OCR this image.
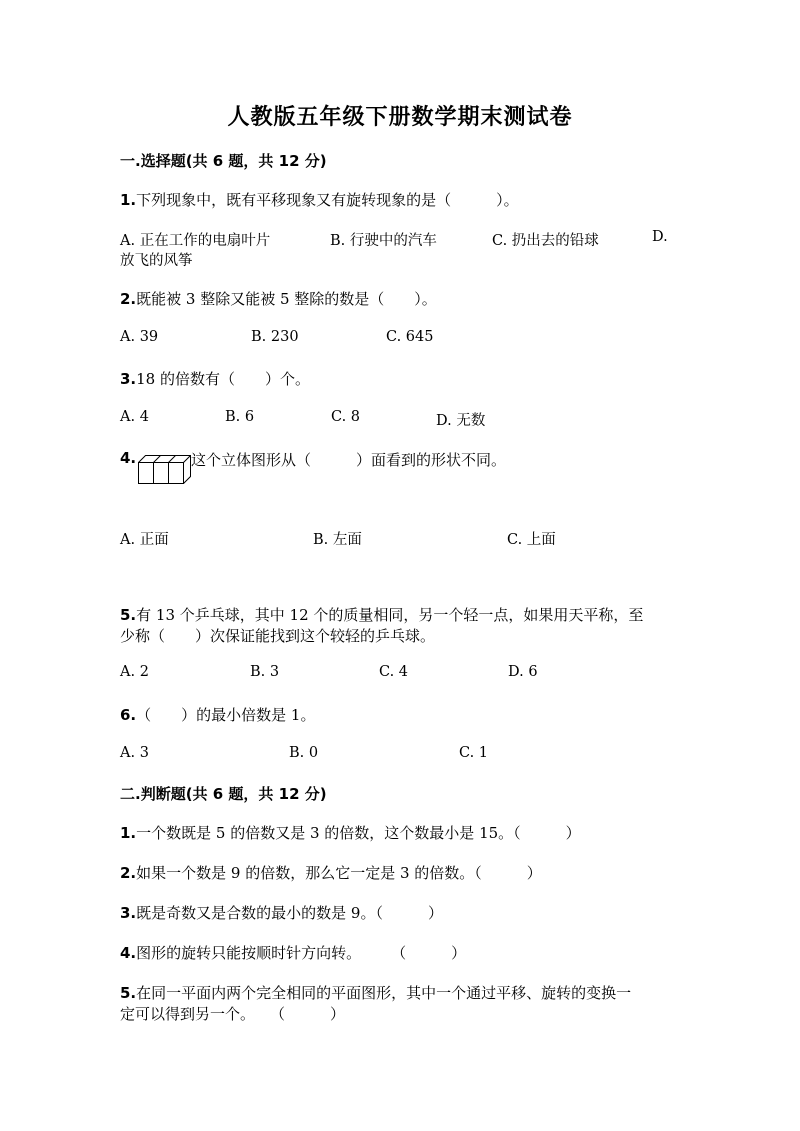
人教版五年级下册数学期末测试卷
一.选择题(共 6 题，共 12 分)
1.下列现象中，既有平移现象又有旋转现象的是（　　　）。
A. 正在工作的电扇叶片	B. 行驶中的汽车	C. 扔出去的铅球	D.
放飞的风筝
2.既能被 3 整除又能被 5 整除的数是（　　）。
A. 39	B. 230	C. 645
3.18 的倍数有（　　）个。
A. 4	B. 6	C. 8	D. 无数
4.	这个立体图形从（　　　）面看到的形状不同。
A. 正面	B. 左面	C. 上面
5.有 13 个乒乓球，其中 12 个的质量相同，另一个轻一点，如果用天平称，至
少称（　　）次保证能找到这个较轻的乒乓球。
A. 2	B. 3	C. 4	D. 6
6.（　　）的最小倍数是 1。
A. 3	B. 0	C. 1
二.判断题(共 6 题，共 12 分)
1.一个数既是 5 的倍数又是 3 的倍数，这个数最小是 15。（　　　）
2.如果一个数是 9 的倍数，那么它一定是 3 的倍数。（　　　）
3.既是奇数又是合数的最小的数是 9。（　　　）
4.图形的旋转只能按顺时针方向转。　　　（　　　）
5.在同一平面内两个完全相同的平面图形，其中一个通过平移、旋转的变换一
定可以得到另一个。　　（　　　）
